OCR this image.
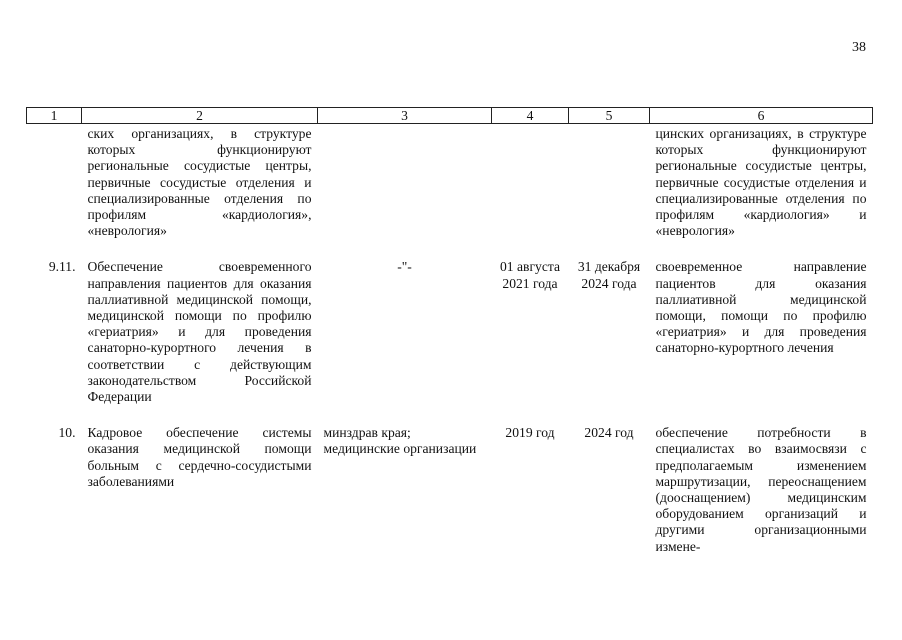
38
1	2	3	4	5	6
	ских организациях, в структуре которых функционируют региональные сосудистые центры, первичные сосудистые отделения и специализированные отделения по профилям «кардиология», «неврология»				цинских организациях, в структуре которых функционируют региональные сосудистые центры, первичные сосудистые отделения и специализированные отделения по профилям «кардиология» и «неврология»

9.11.	Обеспечение своевременного направления пациентов для оказания паллиативной медицинской помощи, медицинской помощи по профилю «гериатрия» и для проведения санаторно-курортного лечения в соответствии с действующим законодательством Российской Федерации	-"-	01 августа 2021 года	31 декабря 2024 года	своевременное направление пациентов для оказания паллиативной медицинской помощи, помощи по профилю «гериатрия» и для проведения санаторно-курортного лечения

10.	Кадровое обеспечение системы оказания медицинской помощи больным с сердечно-сосудистыми заболеваниями	минздрав края; медицинские организации	2019 год	2024 год	обеспечение потребности в специалистах во взаимосвязи с предполагаемым изменением маршрутизации, переоснащением (дооснащением) медицинским оборудованием организаций и другими организационными измене-
